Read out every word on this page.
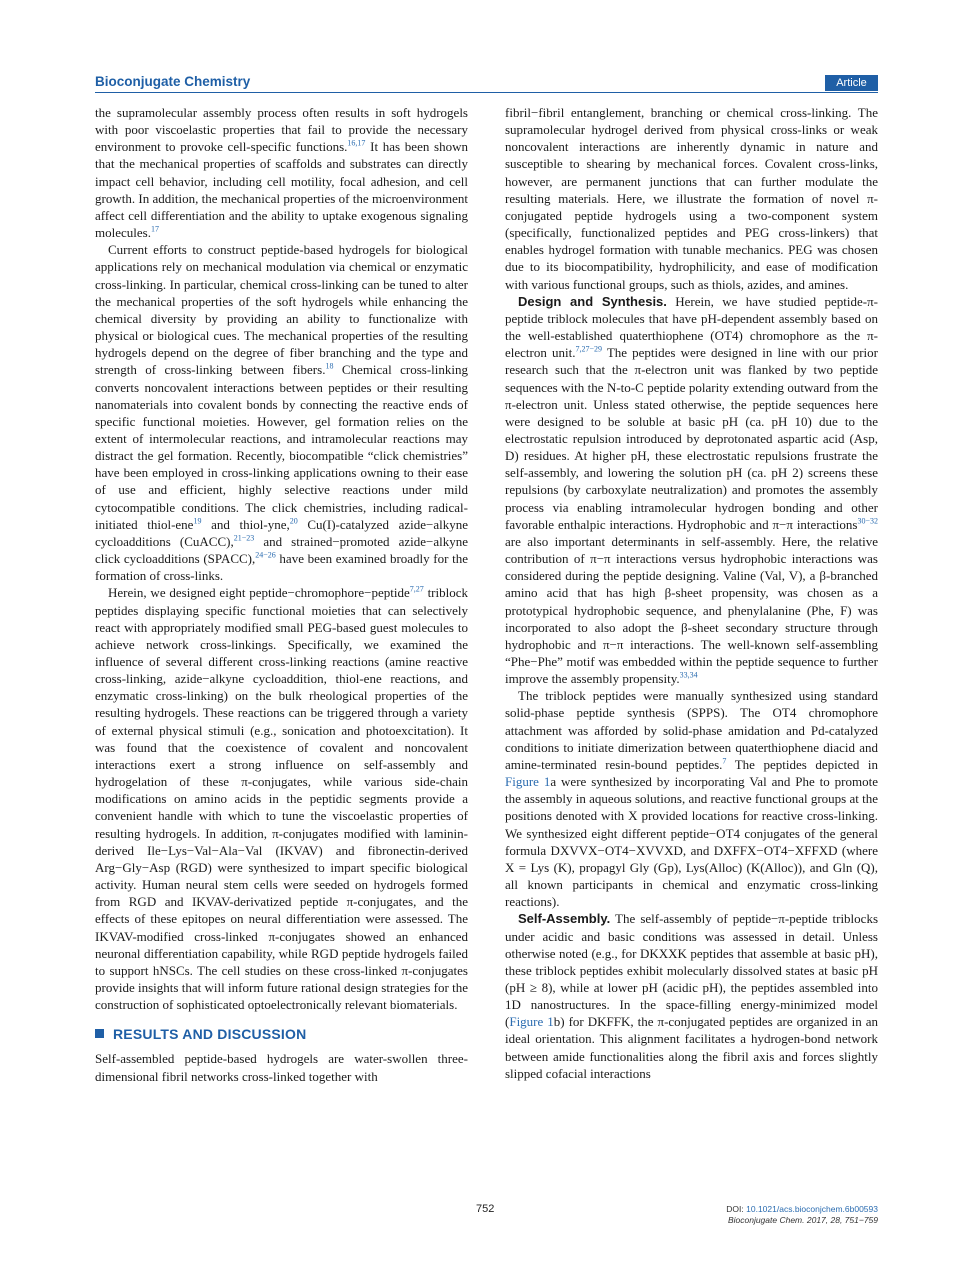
Bioconjugate Chemistry	Article

the supramolecular assembly process often results in soft hydrogels with poor viscoelastic properties that fail to provide the necessary environment to provoke cell-specific functions.$^{16,17}$ It has been shown that the mechanical properties of scaffolds and substrates can directly impact cell behavior, including cell motility, focal adhesion, and cell growth. In addition, the mechanical properties of the microenvironment affect cell differentiation and the ability to uptake exogenous signaling molecules.$^{17}$

Current efforts to construct peptide-based hydrogels for biological applications rely on mechanical modulation via chemical or enzymatic cross-linking. In particular, chemical cross-linking can be tuned to alter the mechanical properties of the soft hydrogels while enhancing the chemical diversity by providing an ability to functionalize with physical or biological cues. The mechanical properties of the resulting hydrogels depend on the degree of fiber branching and the type and strength of cross-linking between fibers.$^{18}$ Chemical cross-linking converts noncovalent interactions between peptides or their resulting nanomaterials into covalent bonds by connecting the reactive ends of specific functional moieties. However, gel formation relies on the extent of intermolecular reactions, and intramolecular reactions may distract the gel formation. Recently, biocompatible “click chemistries” have been employed in cross-linking applications owning to their ease of use and efficient, highly selective reactions under mild cytocompatible conditions. The click chemistries, including radical-initiated thiol-ene$^{19}$ and thiol-yne,$^{20}$ Cu(I)-catalyzed azide−alkyne cycloadditions (CuACC),$^{21-23}$ and strained−promoted azide−alkyne click cycloadditions (SPACC),$^{24-26}$ have been examined broadly for the formation of cross-links.

Herein, we designed eight peptide−chromophore−peptide$^{7,27}$ triblock peptides displaying specific functional moieties that can selectively react with appropriately modified small PEG-based guest molecules to achieve network cross-linkings. Specifically, we examined the influence of several different cross-linking reactions (amine reactive cross-linking, azide−alkyne cycloaddition, thiol-ene reactions, and enzymatic cross-linking) on the bulk rheological properties of the resulting hydrogels. These reactions can be triggered through a variety of external physical stimuli (e.g., sonication and photoexcitation). It was found that the coexistence of covalent and noncovalent interactions exert a strong influence on self-assembly and hydrogelation of these π-conjugates, while various side-chain modifications on amino acids in the peptidic segments provide a convenient handle with which to tune the viscoelastic properties of resulting hydrogels. In addition, π-conjugates modified with laminin-derived Ile−Lys−Val−Ala−Val (IKVAV) and fibronectin-derived Arg−Gly−Asp (RGD) were synthesized to impart specific biological activity. Human neural stem cells were seeded on hydrogels formed from RGD and IKVAV-derivatized peptide π-conjugates, and the effects of these epitopes on neural differentiation were assessed. The IKVAV-modified cross-linked π-conjugates showed an enhanced neuronal differentiation capability, while RGD peptide hydrogels failed to support hNSCs. The cell studies on these cross-linked π-conjugates provide insights that will inform future rational design strategies for the construction of sophisticated optoelectronically relevant biomaterials.

RESULTS AND DISCUSSION

Self-assembled peptide-based hydrogels are water-swollen three-dimensional fibril networks cross-linked together with

fibril−fibril entanglement, branching or chemical cross-linking. The supramolecular hydrogel derived from physical cross-links or weak noncovalent interactions are inherently dynamic in nature and susceptible to shearing by mechanical forces. Covalent cross-links, however, are permanent junctions that can further modulate the resulting materials. Here, we illustrate the formation of novel π-conjugated peptide hydrogels using a two-component system (specifically, functionalized peptides and PEG cross-linkers) that enables hydrogel formation with tunable mechanics. PEG was chosen due to its biocompatibility, hydrophilicity, and ease of modification with various functional groups, such as thiols, azides, and amines.

Design and Synthesis. Herein, we have studied peptide-π-peptide triblock molecules that have pH-dependent assembly based on the well-established quaterthiophene (OT4) chromophore as the π-electron unit.$^{7,27-29}$ The peptides were designed in line with our prior research such that the π-electron unit was flanked by two peptide sequences with the N-to-C peptide polarity extending outward from the π-electron unit. Unless stated otherwise, the peptide sequences here were designed to be soluble at basic pH (ca. pH 10) due to the electrostatic repulsion introduced by deprotonated aspartic acid (Asp, D) residues. At higher pH, these electrostatic repulsions frustrate the self-assembly, and lowering the solution pH (ca. pH 2) screens these repulsions (by carboxylate neutralization) and promotes the assembly process via enabling intramolecular hydrogen bonding and other favorable enthalpic interactions. Hydrophobic and π−π interactions$^{30-32}$ are also important determinants in self-assembly. Here, the relative contribution of π−π interactions versus hydrophobic interactions was considered during the peptide designing. Valine (Val, V), a β-branched amino acid that has high β-sheet propensity, was chosen as a prototypical hydrophobic sequence, and phenylalanine (Phe, F) was incorporated to also adopt the β-sheet secondary structure through hydrophobic and π−π interactions. The well-known self-assembling “Phe−Phe” motif was embedded within the peptide sequence to further improve the assembly propensity.$^{33,34}$

The triblock peptides were manually synthesized using standard solid-phase peptide synthesis (SPPS). The OT4 chromophore attachment was afforded by solid-phase amidation and Pd-catalyzed conditions to initiate dimerization between quaterthiophene diacid and amine-terminated resin-bound peptides.$^7$ The peptides depicted in Figure 1a were synthesized by incorporating Val and Phe to promote the assembly in aqueous solutions, and reactive functional groups at the positions denoted with X provided locations for reactive cross-linking. We synthesized eight different peptide−OT4 conjugates of the general formula DXVVX−OT4−XVVXD, and DXFFX−OT4−XFFXD (where X = Lys (K), propagyl Gly (Gp), Lys(Alloc) (K(Alloc)), and Gln (Q), all known participants in chemical and enzymatic cross-linking reactions).

Self-Assembly. The self-assembly of peptide−π-peptide triblocks under acidic and basic conditions was assessed in detail. Unless otherwise noted (e.g., for DKXXK peptides that assemble at basic pH), these triblock peptides exhibit molecularly dissolved states at basic pH (pH ≥ 8), while at lower pH (acidic pH), the peptides assembled into 1D nanostructures. In the space-filling energy-minimized model (Figure 1b) for DKFFK, the π-conjugated peptides are organized in an ideal orientation. This alignment facilitates a hydrogen-bond network between amide functionalities along the fibril axis and forces slightly slipped cofacial interactions

752	DOI: 10.1021/acs.bioconjchem.6b00593
Bioconjugate Chem. 2017, 28, 751−759
